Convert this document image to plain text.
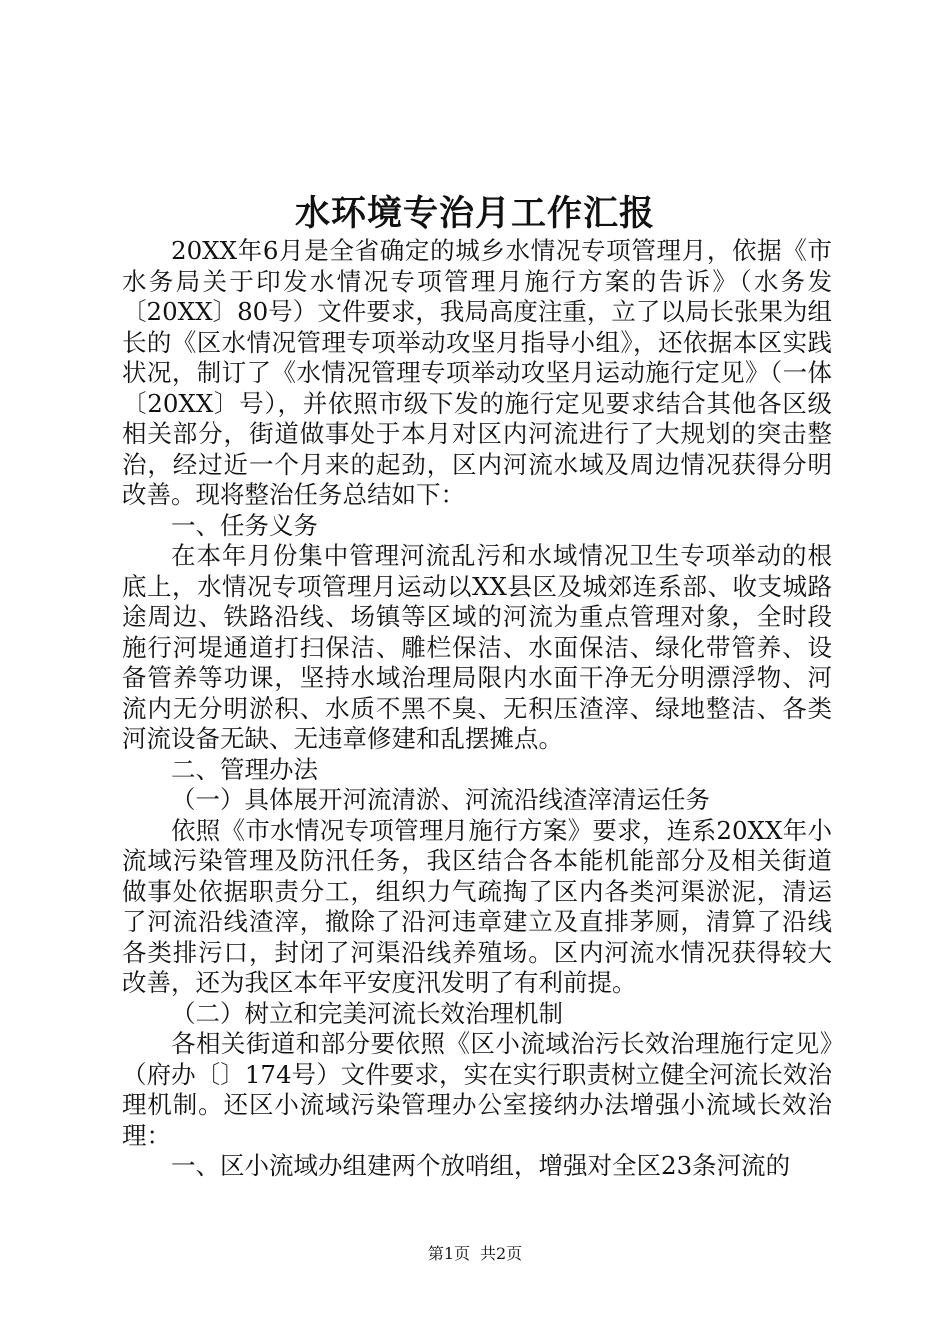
水环境专治月工作汇报

20XX年6月是全省确定的城乡水情况专项管理月，依据《市水务局关于印发水情况专项管理月施行方案的告诉》（水务发〔20XX〕80号）文件要求，我局高度注重，立了以局长张果为组长的《区水情况管理专项举动攻坚月指导小组》，还依据本区实践状况，制订了《水情况管理专项举动攻坚月运动施行定见》（一体〔20XX〕号），并依照市级下发的施行定见要求结合其他各区级相关部分，街道做事处于本月对区内河流进行了大规划的突击整治，经过近一个月来的起劲，区内河流水域及周边情况获得分明改善。现将整治任务总结如下：

一、任务义务

在本年月份集中管理河流乱污和水域情况卫生专项举动的根底上，水情况专项管理月运动以XX县区及城郊连系部、收支城路途周边、铁路沿线、场镇等区域的河流为重点管理对象，全时段施行河堤通道打扫保洁、雕栏保洁、水面保洁、绿化带管养、设备管养等功课，坚持水域治理局限内水面干净无分明漂浮物、河流内无分明淤积、水质不黑不臭、无积压渣滓、绿地整洁、各类河流设备无缺、无违章修建和乱摆摊点。

二、管理办法

（一）具体展开河流清淤、河流沿线渣滓清运任务

依照《市水情况专项管理月施行方案》要求，连系20XX年小流域污染管理及防汛任务，我区结合各本能机能部分及相关街道做事处依据职责分工，组织力气疏掏了区内各类河渠淤泥，清运了河流沿线渣滓，撤除了沿河违章建立及直排茅厕，清算了沿线各类排污口，封闭了河渠沿线养殖场。区内河流水情况获得较大改善，还为我区本年平安度汛发明了有利前提。

（二）树立和完美河流长效治理机制

各相关街道和部分要依照《区小流域治污长效治理施行定见》（府办〔〕174号）文件要求，实在实行职责树立健全河流长效治理机制。还区小流域污染管理办公室接纳办法增强小流域长效治理：

一、区小流域办组建两个放哨组，增强对全区23条河流的

第1页 共2页
